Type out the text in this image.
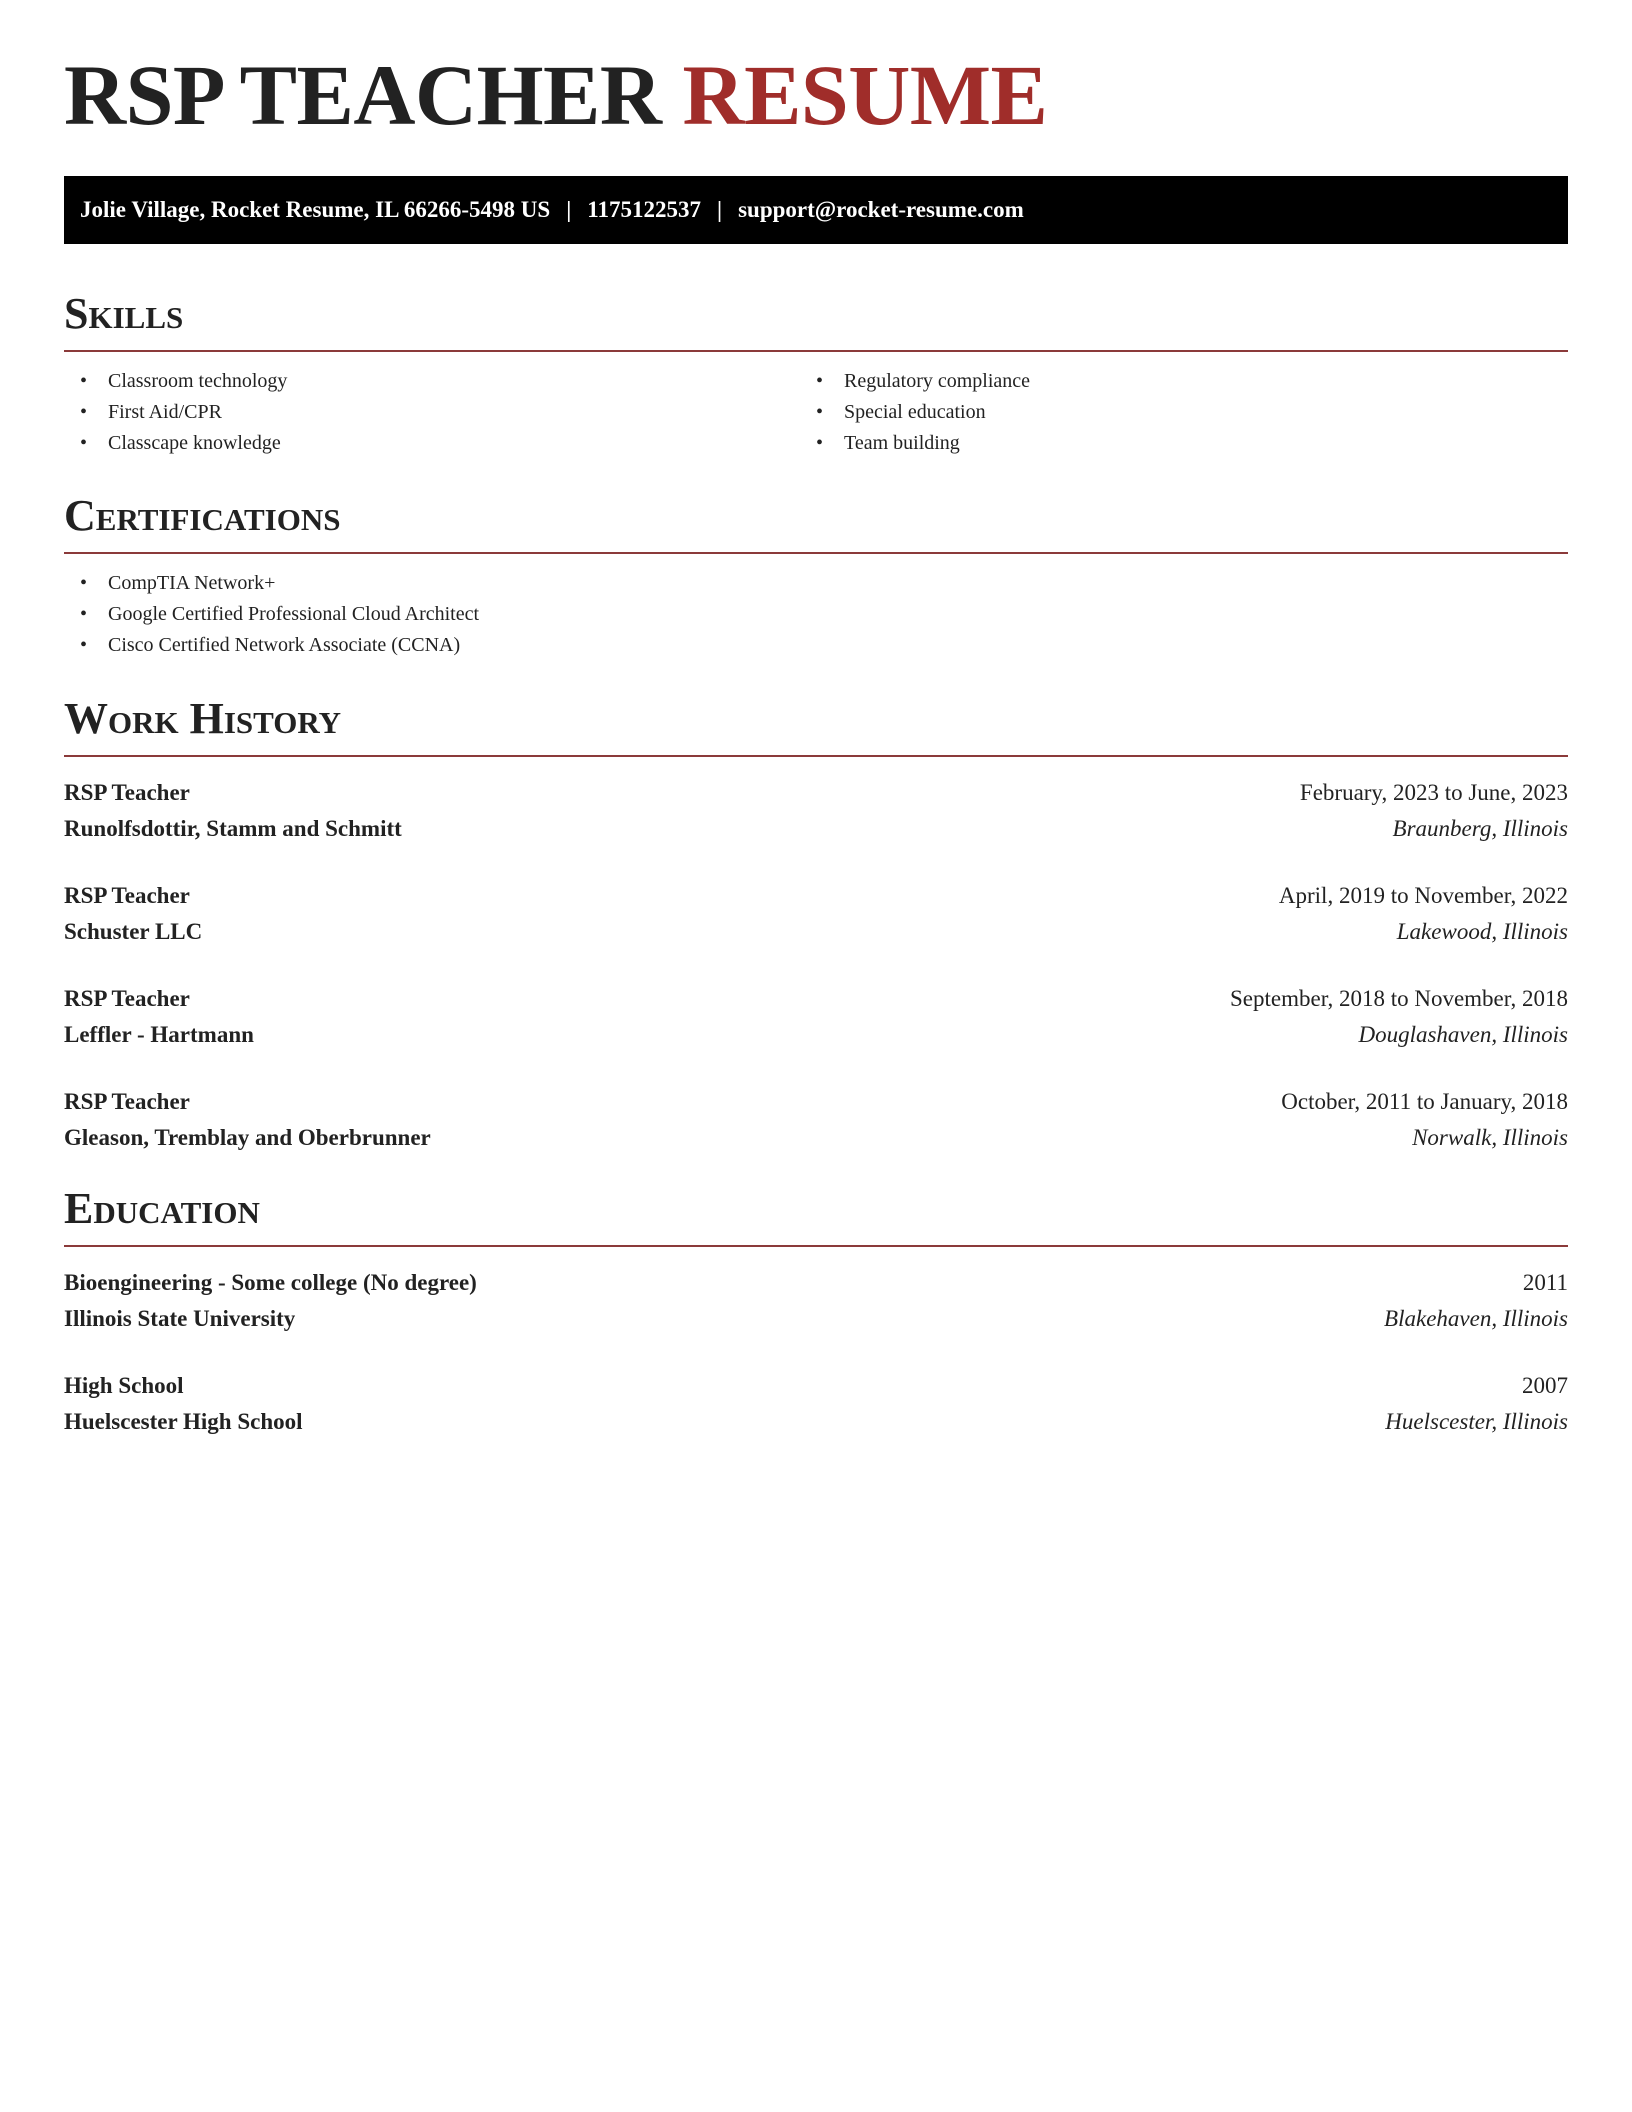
RSP TEACHER RESUME
Jolie Village, Rocket Resume, IL 66266-5498 US | 1175122537 | support@rocket-resume.com
Skills
• Classroom technology
• First Aid/CPR
• Classcape knowledge
• Regulatory compliance
• Special education
• Team building
Certifications
• CompTIA Network+
• Google Certified Professional Cloud Architect
• Cisco Certified Network Associate (CCNA)
Work History
RSP Teacher	February, 2023 to June, 2023
Runolfsdottir, Stamm and Schmitt	Braunberg, Illinois
RSP Teacher	April, 2019 to November, 2022
Schuster LLC	Lakewood, Illinois
RSP Teacher	September, 2018 to November, 2018
Leffler - Hartmann	Douglashaven, Illinois
RSP Teacher	October, 2011 to January, 2018
Gleason, Tremblay and Oberbrunner	Norwalk, Illinois
Education
Bioengineering - Some college (No degree)	2011
Illinois State University	Blakehaven, Illinois
High School	2007
Huelscester High School	Huelscester, Illinois
